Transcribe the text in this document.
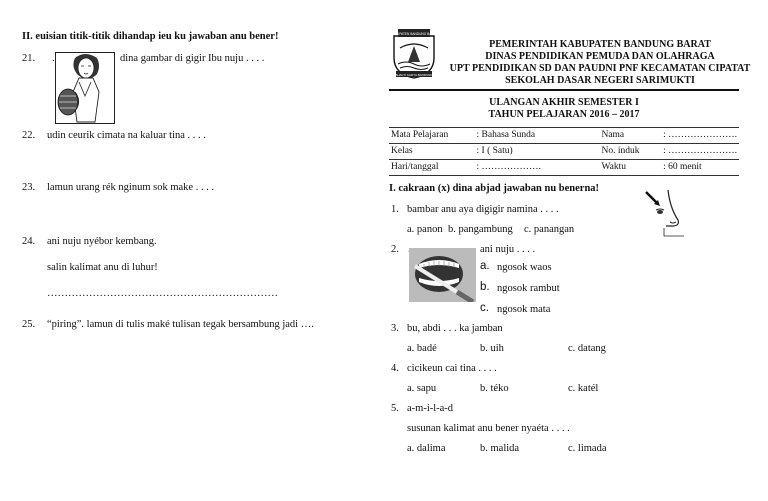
II. euisian titik-titik dihandap ieu ku jawaban anu bener!
21. .	dina gambar di gigir Ibu nuju . . . .
22. udin ceurik cimata na kaluar tina . . . .
23. lamun urang rék nginum sok make . . . .
24. ani nuju nyébor kembang.
salin kalimat anu di luhur!
…………………………………………………………
25. “piring”. lamun di tulis maké tulisan tegak bersambung jadi ….
KABUPATEN BANDUNG BARAT
BHAKTI KARYA BANDUNG
PEMERINTAH KABUPATEN BANDUNG BARAT
DINAS PENDIDIKAN PEMUDA DAN OLAHRAGA
UPT PENDIDIKAN SD DAN PAUDNI PNF KECAMATAN CIPATAT
SEKOLAH DASAR NEGERI SARIMUKTI
ULANGAN AKHIR SEMESTER I
TAHUN PELAJARAN 2016 – 2017
Mata Pelajaran	: Bahasa Sunda	Nama	: ………………….
Kelas	: I ( Satu)	No. induk	: ………………….
Hari/tanggal	: ……………….	Waktu	: 60 menit
I. cakraan (x) dina abjad jawaban nu benerna!
1. bambar anu aya digigir namina . . . .
a. panon b. pangambung c. panangan
2.	ani nuju . . . .
a. ngosok waos
b. ngosok rambut
c. ngosok mata
3. bu, abdi . . . ka jamban
a. badé	b. uih	c. datang
4. cicikeun cai tina . . . .
a. sapu	b. téko	c. katél
5. a-m-i-l-a-d
susunan kalimat anu bener nyaéta . . . .
a. dalima	b. malida	c. limada
